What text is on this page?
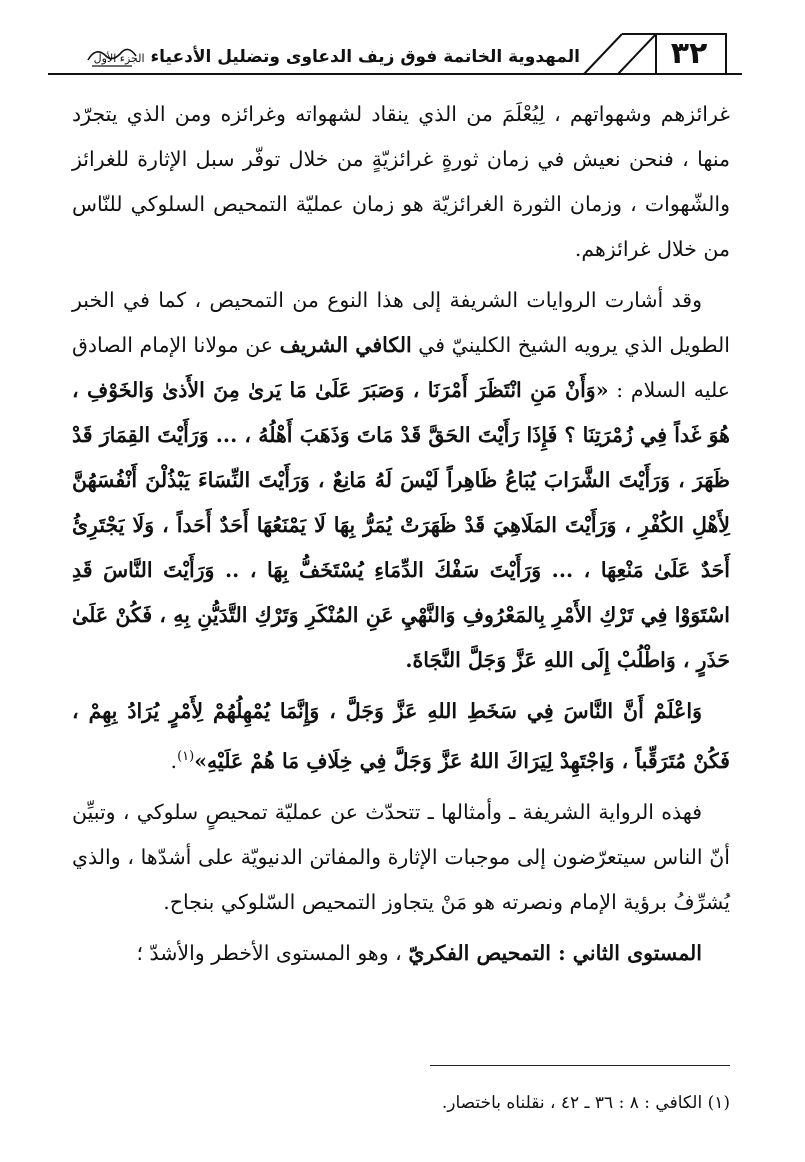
٣٢
المهدوية الخاتمة فوق زيف الدعاوى وتضليل الأدعياء الجزء الأول

غرائزهم وشهواتهم ، لِيُعْلَمَ من الذي ينقاد لشهواته وغرائزه ومن الذي يتجرّد منها ، فنحن نعيش في زمان ثورةٍ غرائزيّةٍ من خلال توفّر سبل الإثارة للغرائز والشّهوات ، وزمان الثورة الغرائزيّة هو زمان عمليّة التمحيص السلوكي للنّاس من خلال غرائزهم.

وقد أشارت الروايات الشريفة إلى هذا النوع من التمحيص ، كما في الخبر الطويل الذي يرويه الشيخ الكلينيّ في الكافي الشريف عن مولانا الإمام الصادق عليه السلام : «وَأَنْ مَنِ انْتَظَرَ أَمْرَنَا ، وَصَبَرَ عَلَىٰ مَا يَرىٰ مِنَ الأَذىٰ وَالخَوْفِ ، هُوَ غَداً فِي زُمْرَتِنَا ؟ فَإِذَا رَأَيْتَ الحَقَّ قَدْ مَاتَ وَذَهَبَ أَهْلُهُ ، ... وَرَأَيْتَ القِمَارَ قَدْ ظَهَرَ ، وَرَأَيْتَ الشَّرَابَ يُبَاعُ ظَاهِراً لَيْسَ لَهُ مَانِعٌ ، وَرَأَيْتَ النِّسَاءَ يَبْذُلْنَ أَنْفُسَهُنَّ لِأَهْلِ الكُفْرِ ، وَرَأَيْتَ المَلَاهِيَ قَدْ ظَهَرَتْ يُمَرُّ بِهَا لَا يَمْنَعُهَا أَحَدٌ أَحَداً ، وَلَا يَجْتَرِئُ أَحَدٌ عَلَىٰ مَنْعِهَا ، ... وَرَأَيْتَ سَفْكَ الدِّمَاءِ يُسْتَخَفُّ بِهَا ، .. وَرَأَيْتَ النَّاسَ قَدِ اسْتَوَوْا فِي تَرْكِ الأَمْرِ بِالمَعْرُوفِ وَالنَّهْيِ عَنِ المُنْكَرِ وَتَرْكِ التَّدَيُّنِ بِهِ ، فَكُنْ عَلَىٰ حَذَرٍ ، وَاطْلُبْ إِلَى اللهِ عَزَّ وَجَلَّ النَّجَاةَ.

وَاعْلَمْ أَنَّ النَّاسَ فِي سَخَطِ اللهِ عَزَّ وَجَلَّ ، وَإِنَّمَا يُمْهِلُهُمْ لِأَمْرٍ يُرَادُ بِهِمْ ، فَكُنْ مُتَرَقِّباً ، وَاجْتَهِدْ لِيَرَاكَ اللهُ عَزَّ وَجَلَّ فِي خِلَافِ مَا هُمْ عَلَيْهِ»$^{(١)}$.

فهذه الرواية الشريفة ـ وأمثالها ـ تتحدّث عن عمليّة تمحيصٍ سلوكي ، وتبيِّن أنّ الناس سيتعرّضون إلى موجبات الإثارة والمفاتن الدنيويّة على أشدّها ، والذي يُشرِّفُ برؤية الإمام ونصرته هو مَنْ يتجاوز التمحيص السّلوكي بنجاح.

المستوى الثاني : التمحيص الفكريّ ، وهو المستوى الأخطر والأشدّ ؛

(١) الكافي : ٨ : ٣٦ ـ ٤٢ ، نقلناه باختصار.
